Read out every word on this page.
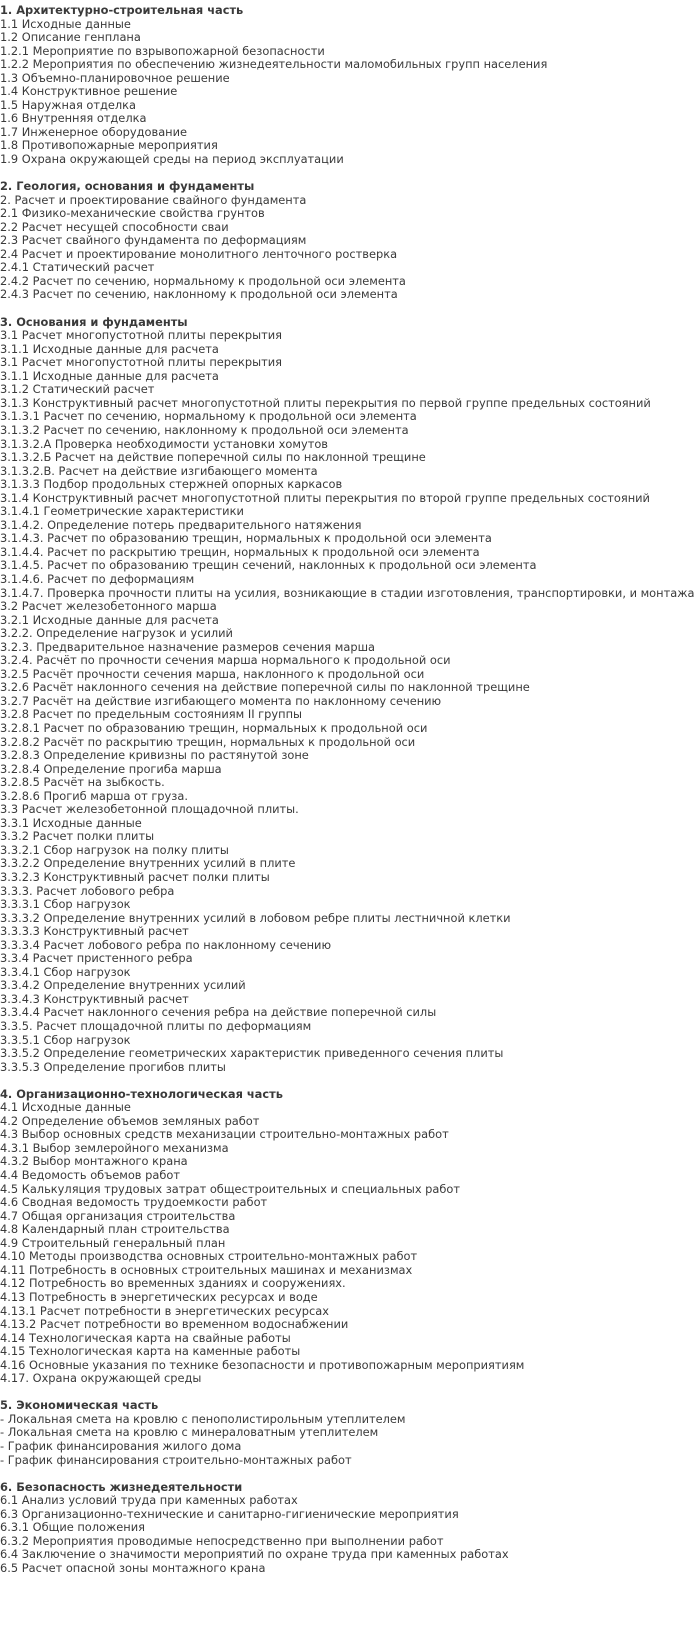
1. Архитектурно-строительная часть
1.1 Исходные данные
1.2 Описание генплана
1.2.1 Мероприятие по взрывопожарной безопасности
1.2.2 Мероприятия по обеспечению жизнедеятельности маломобильных групп населения
1.3 Объемно-планировочное решение
1.4 Конструктивное решение
1.5 Наружная отделка
1.6 Внутренняя отделка
1.7 Инженерное оборудование
1.8 Противопожарные мероприятия
1.9 Охрана окружающей среды на период эксплуатации
2. Геология, основания и фундаменты
2. Расчет и проектирование свайного фундамента
2.1 Физико-механические свойства грунтов
2.2 Расчет несущей способности сваи
2.3 Расчет свайного фундамента по деформациям
2.4 Расчет и проектирование монолитного ленточного ростверка
2.4.1 Статический расчет
2.4.2 Расчет по сечению, нормальному к продольной оси элемента
2.4.3 Расчет по сечению, наклонному к продольной оси элемента
3. Основания и фундаменты
3.1 Расчет многопустотной плиты перекрытия
3.1.1 Исходные данные для расчета
3.1 Расчет многопустотной плиты перекрытия
3.1.1 Исходные данные для расчета
3.1.2 Статический расчет
3.1.3 Конструктивный расчет многопустотной плиты перекрытия по первой группе предельных состояний
3.1.3.1 Расчет по сечению, нормальному к продольной оси элемента
3.1.3.2 Расчет по сечению, наклонному к продольной оси элемента
3.1.3.2.А Проверка необходимости установки хомутов
3.1.3.2.Б Расчет на действие поперечной силы по наклонной трещине
3.1.3.2.В. Расчет на действие изгибающего момента
3.1.3.3 Подбор продольных стержней опорных каркасов
3.1.4 Конструктивный расчет многопустотной плиты перекрытия по второй группе предельных состояний
3.1.4.1 Геометрические характеристики
3.1.4.2. Определение потерь предварительного натяжения
3.1.4.3. Расчет по образованию трещин, нормальных к продольной оси элемента
3.1.4.4. Расчет по раскрытию трещин, нормальных к продольной оси элемента
3.1.4.5. Расчет по образованию трещин сечений, наклонных к продольной оси элемента
3.1.4.6. Расчет по деформациям
3.1.4.7. Проверка прочности плиты на усилия, возникающие в стадии изготовления, транспортировки, и монтажа
3.2 Расчет железобетонного марша
3.2.1 Исходные данные для расчета
3.2.2. Определение нагрузок и усилий
3.2.3. Предварительное назначение размеров сечения марша
3.2.4. Расчёт по прочности сечения марша нормального к продольной оси
3.2.5 Расчёт прочности сечения марша, наклонного к продольной оси
3.2.6 Расчёт наклонного сечения на действие поперечной силы по наклонной трещине
3.2.7 Расчёт на действие изгибающего момента по наклонному сечению
3.2.8 Расчет по предельным состояниям II группы
3.2.8.1 Расчет по образованию трещин, нормальных к продольной оси
3.2.8.2 Расчёт по раскрытию трещин, нормальных к продольной оси
3.2.8.3 Определение кривизны по растянутой зоне
3.2.8.4 Определение прогиба марша
3.2.8.5 Расчёт на зыбкость.
3.2.8.6 Прогиб марша от груза.
3.3 Расчет железобетонной площадочной плиты.
3.3.1 Исходные данные
3.3.2 Расчет полки плиты
3.3.2.1 Сбор нагрузок на полку плиты
3.3.2.2 Определение внутренних усилий в плите
3.3.2.3 Конструктивный расчет полки плиты
3.3.3. Расчет лобового ребра
3.3.3.1 Сбор нагрузок
3.3.3.2 Определение внутренних усилий в лобовом ребре плиты лестничной клетки
3.3.3.3 Конструктивный расчет
3.3.3.4 Расчет лобового ребра по наклонному сечению
3.3.4 Расчет пристенного ребра
3.3.4.1 Сбор нагрузок
3.3.4.2 Определение внутренних усилий
3.3.4.3 Конструктивный расчет
3.3.4.4 Расчет наклонного сечения ребра на действие поперечной силы
3.3.5. Расчет площадочной плиты по деформациям
3.3.5.1 Сбор нагрузок
3.3.5.2 Определение геометрических характеристик приведенного сечения плиты
3.3.5.3 Определение прогибов плиты
4. Организационно-технологическая часть
4.1 Исходные данные
4.2 Определение объемов земляных работ
4.3 Выбор основных средств механизации строительно-монтажных работ
4.3.1 Выбор землеройного механизма
4.3.2 Выбор монтажного крана
4.4 Ведомость объемов работ
4.5 Калькуляция трудовых затрат общестроительных и специальных работ
4.6 Сводная ведомость трудоемкости работ
4.7 Общая организация строительства
4.8 Календарный план строительства
4.9 Строительный генеральный план
4.10 Методы производства основных строительно-монтажных работ
4.11 Потребность в основных строительных машинах и механизмах
4.12 Потребность во временных зданиях и сооружениях.
4.13 Потребность в энергетических ресурсах и воде
4.13.1 Расчет потребности в энергетических ресурсах
4.13.2 Расчет потребности во временном водоснабжении
4.14 Технологическая карта на свайные работы
4.15 Технологическая карта на каменные работы
4.16 Основные указания по технике безопасности и противопожарным мероприятиям
4.17. Охрана окружающей среды
5. Экономическая часть
- Локальная смета на кровлю с пенополистирольным утеплителем
- Локальная смета на кровлю с минераловатным утеплителем
- График финансирования жилого дома
- График финансирования строительно-монтажных работ
6. Безопасность жизнедеятельности
6.1 Анализ условий труда при каменных работах
6.3 Организационно-технические и санитарно-гигиенические мероприятия
6.3.1 Общие положения
6.3.2 Мероприятия проводимые непосредственно при выполнении работ
6.4 Заключение о значимости мероприятий по охране труда при каменных работах
6.5 Расчет опасной зоны монтажного крана
